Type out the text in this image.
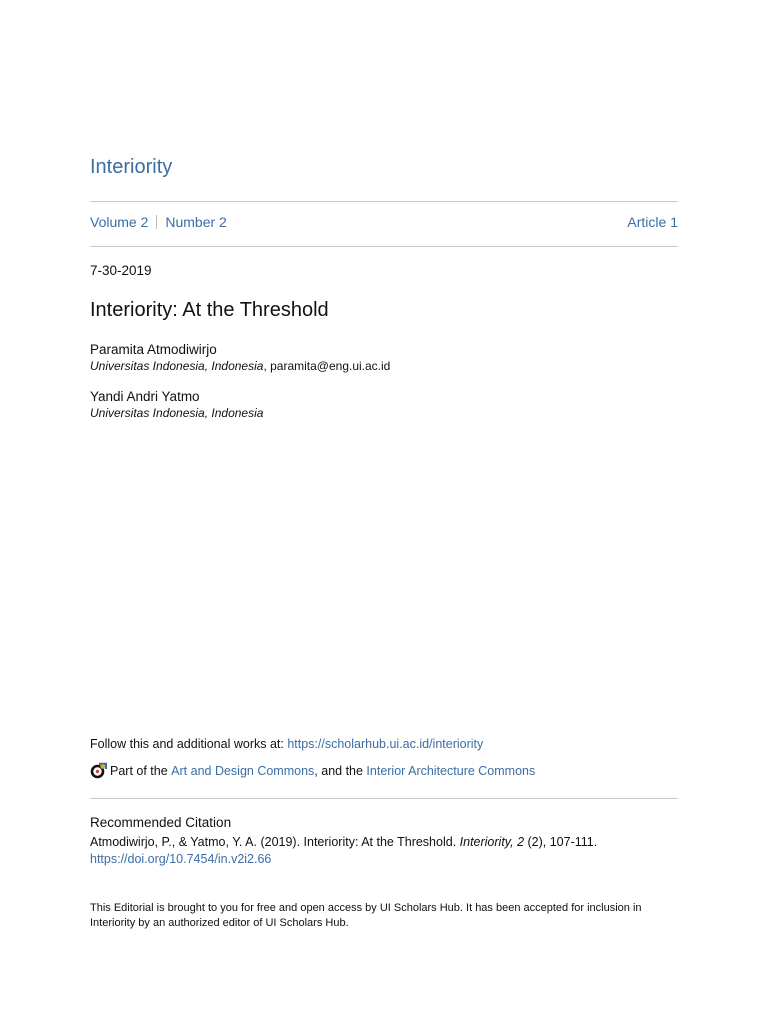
Interiority
Volume 2 Number 2	Article 1
7-30-2019
Interiority: At the Threshold
Paramita Atmodiwirjo
Universitas Indonesia, Indonesia, paramita@eng.ui.ac.id
Yandi Andri Yatmo
Universitas Indonesia, Indonesia
Follow this and additional works at: https://scholarhub.ui.ac.id/interiority
Part of the
Art and Design Commons , and the Interior Architecture Commons
Recommended Citation
Atmodiwirjo, P., & Yatmo, Y. A. (2019). Interiority: At the Threshold. Interiority, 2 (2), 107-111.
https://doi.org/10.7454/in.v2i2.66
This Editorial is brought to you for free and open access by UI Scholars Hub. It has been accepted for inclusion in Interiority by an authorized editor of UI Scholars Hub.
